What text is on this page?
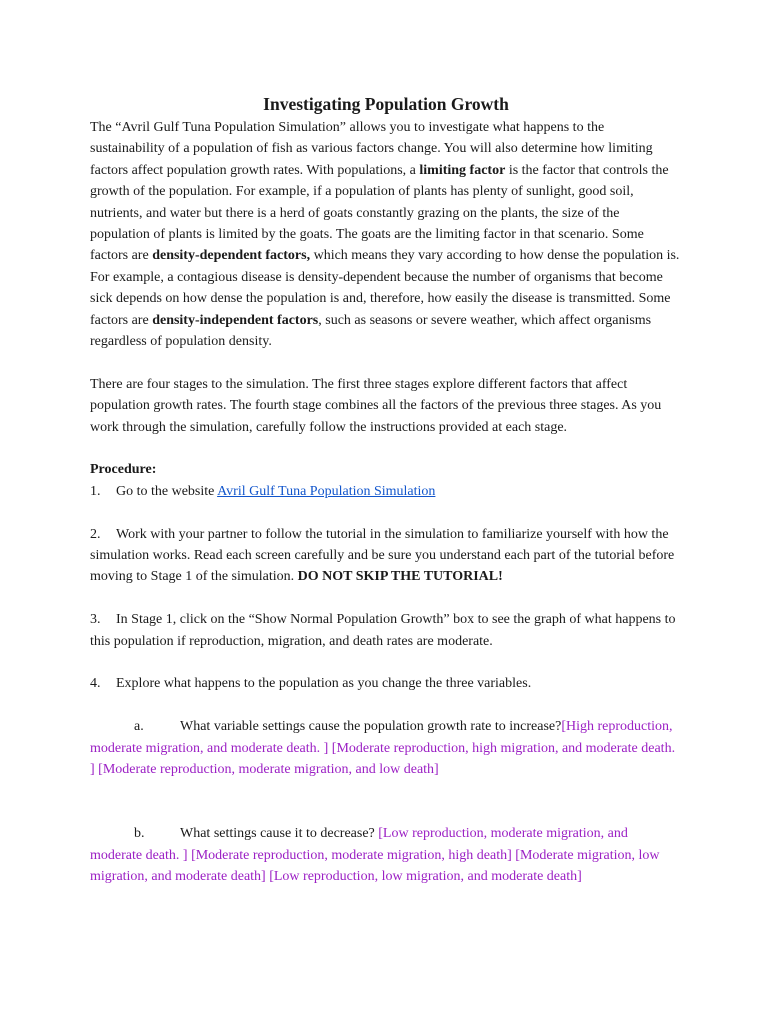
Investigating Population Growth

The “Avril Gulf Tuna Population Simulation” allows you to investigate what happens to the sustainability of a population of fish as various factors change. You will also determine how limiting factors affect population growth rates. With populations, a limiting factor is the factor that controls the growth of the population. For example, if a population of plants has plenty of sunlight, good soil, nutrients, and water but there is a herd of goats constantly grazing on the plants, the size of the population of plants is limited by the goats. The goats are the limiting factor in that scenario. Some factors are density-dependent factors, which means they vary according to how dense the population is. For example, a contagious disease is density-dependent because the number of organisms that become sick depends on how dense the population is and, therefore, how easily the disease is transmitted. Some factors are density-independent factors, such as seasons or severe weather, which affect organisms regardless of population density.

There are four stages to the simulation. The first three stages explore different factors that affect population growth rates. The fourth stage combines all the factors of the previous three stages. As you work through the simulation, carefully follow the instructions provided at each stage.

Procedure:

1. Go to the website Avril Gulf Tuna Population Simulation

2. Work with your partner to follow the tutorial in the simulation to familiarize yourself with how the simulation works. Read each screen carefully and be sure you understand each part of the tutorial before moving to Stage 1 of the simulation. DO NOT SKIP THE TUTORIAL!

3. In Stage 1, click on the “Show Normal Population Growth” box to see the graph of what happens to this population if reproduction, migration, and death rates are moderate.

4. Explore what happens to the population as you change the three variables.

a.	What variable settings cause the population growth rate to increase?[High reproduction, moderate migration, and moderate death. ] [Moderate reproduction, high migration, and moderate death. ] [Moderate reproduction, moderate migration, and low death]

b.	What settings cause it to decrease? [Low reproduction, moderate migration, and moderate death. ] [Moderate reproduction, moderate migration, high death] [Moderate migration, low migration, and moderate death] [Low reproduction, low migration, and moderate death]
